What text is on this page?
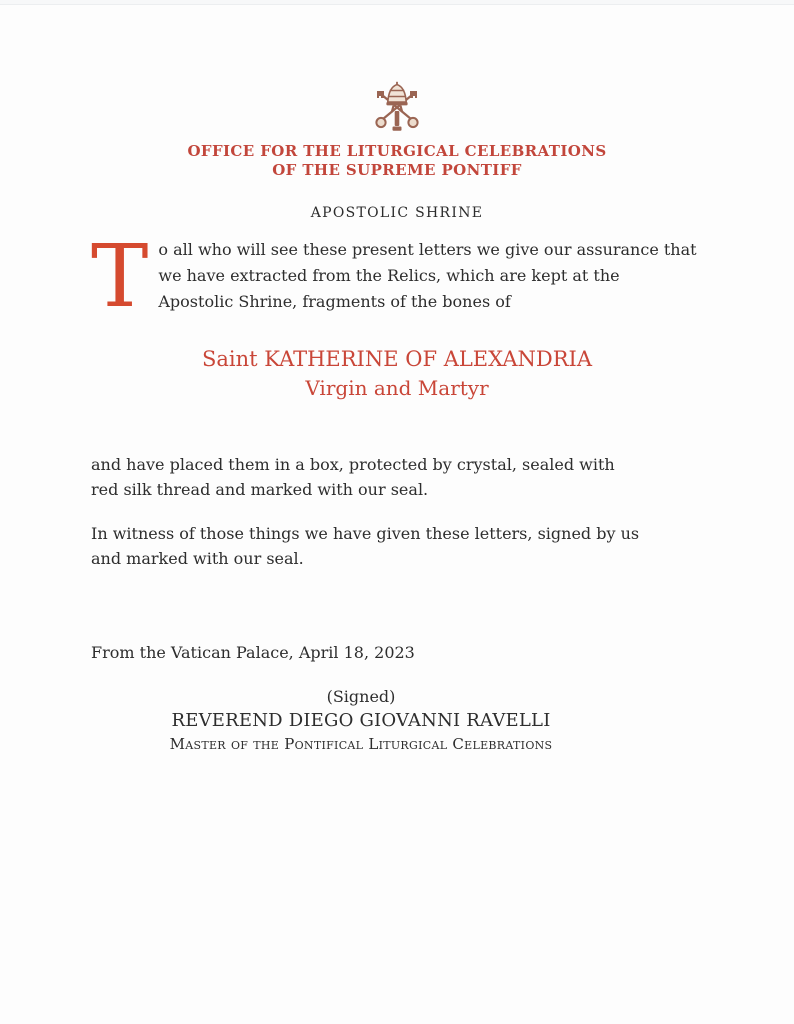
OFFICE FOR THE LITURGICAL CELEBRATIONS
OF THE SUPREME PONTIFF
APOSTOLIC SHRINE
T o all who will see these present letters we give our assurance that
we have extracted from the Relics, which are kept at the
Apostolic Shrine, fragments of the bones of
Saint KATHERINE OF ALEXANDRIA
Virgin and Martyr
and have placed them in a box, protected by crystal, sealed with
red silk thread and marked with our seal.
In witness of those things we have given these letters, signed by us
and marked with our seal.
From the Vatican Palace, April 18, 2023
(Signed)
REVEREND DIEGO GIOVANNI RAVELLI
Master of the Pontifical Liturgical Celebrations
